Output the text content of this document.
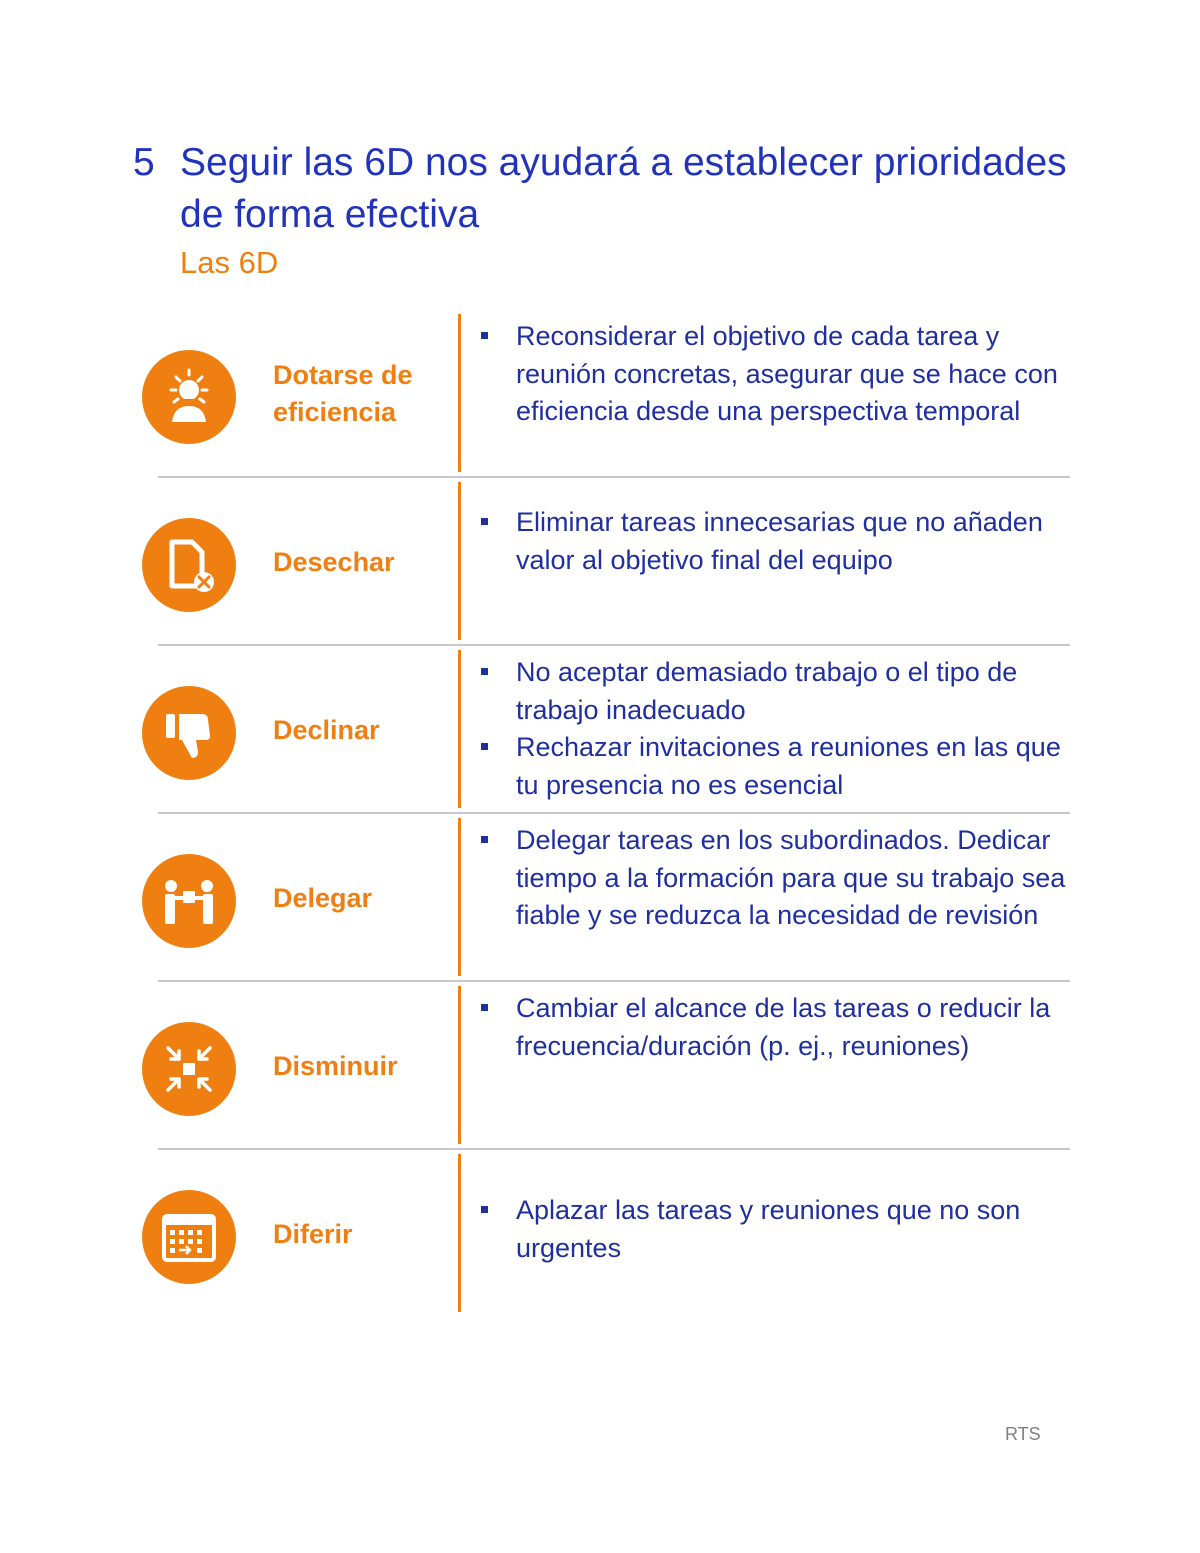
5 Seguir las 6D nos ayudará a establecer prioridades de forma efectiva
Las 6D
Dotarse de eficiencia
Reconsiderar el objetivo de cada tarea y reunión concretas, asegurar que se hace con eficiencia desde una perspectiva temporal
Desechar
Eliminar tareas innecesarias que no añaden valor al objetivo final del equipo
Declinar
No aceptar demasiado trabajo o el tipo de trabajo inadecuado
Rechazar invitaciones a reuniones en las que tu presencia no es esencial
Delegar
Delegar tareas en los subordinados. Dedicar tiempo a la formación para que su trabajo sea fiable y se reduzca la necesidad de revisión
Disminuir
Cambiar el alcance de las tareas o reducir la frecuencia/duración (p. ej., reuniones)
Diferir
Aplazar las tareas y reuniones que no son urgentes
RTS
